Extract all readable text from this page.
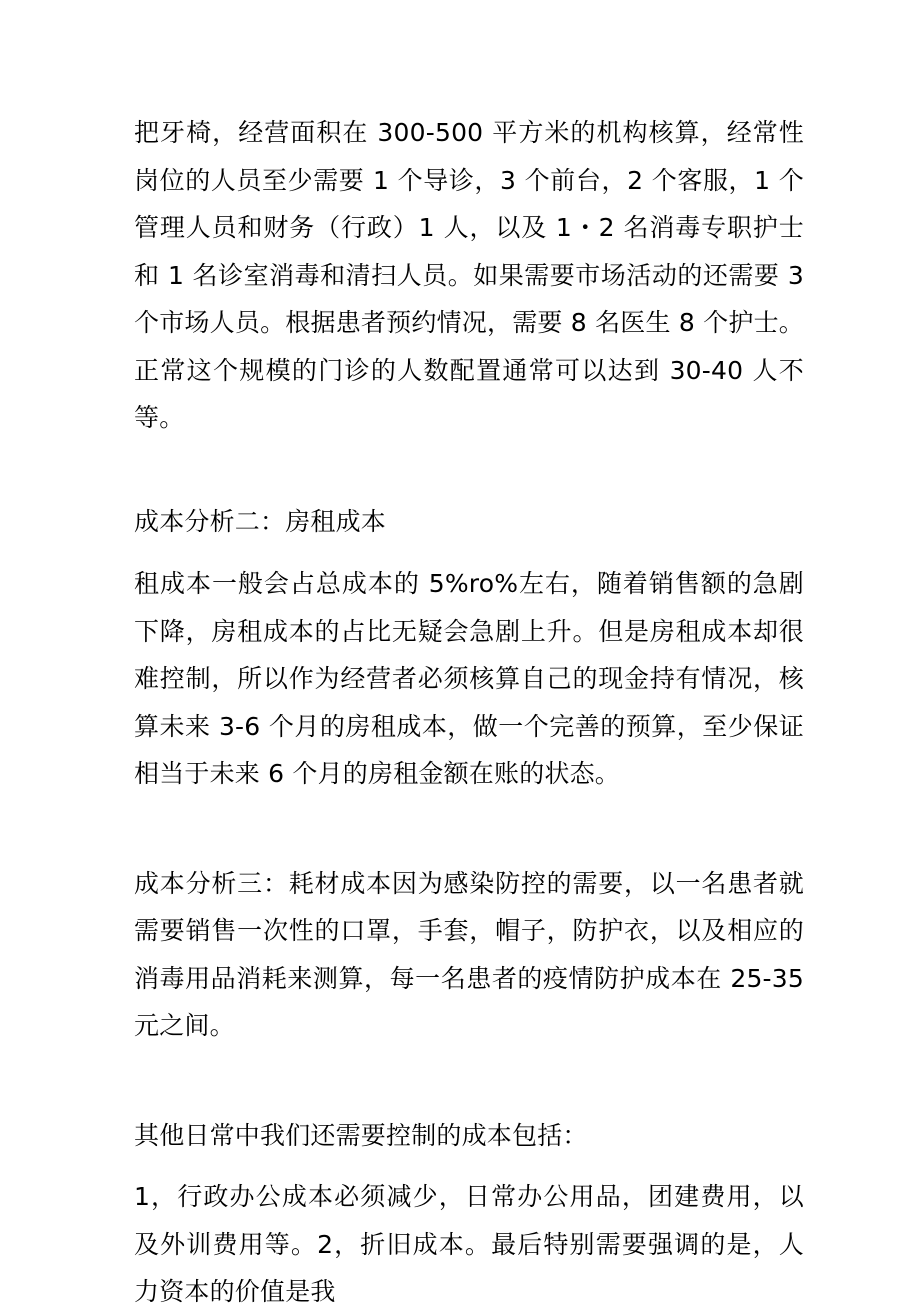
把牙椅，经营面积在 300-500 平方米的机构核算，经常性岗位的人员至少需要 1 个导诊，3 个前台，2 个客服，1 个管理人员和财务（行政）1 人，以及 1・2 名消毒专职护士和 1 名诊室消毒和清扫人员。如果需要市场活动的还需要 3 个市场人员。根据患者预约情况，需要 8 名医生 8 个护士。正常这个规模的门诊的人数配置通常可以达到 30-40 人不等。

成本分析二：房租成本

租成本一般会占总成本的 5%ro%左右，随着销售额的急剧下降，房租成本的占比无疑会急剧上升。但是房租成本却很难控制，所以作为经营者必须核算自己的现金持有情况，核算未来 3-6 个月的房租成本，做一个完善的预算，至少保证相当于未来 6 个月的房租金额在账的状态。

成本分析三：耗材成本因为感染防控的需要，以一名患者就需要销售一次性的口罩，手套，帽子，防护衣，以及相应的消毒用品消耗来测算，每一名患者的疫情防护成本在 25-35 元之间。

其他日常中我们还需要控制的成本包括：

1，行政办公成本必须减少，日常办公用品，团建费用，以及外训费用等。2，折旧成本。最后特别需要强调的是，人力资本的价值是我
